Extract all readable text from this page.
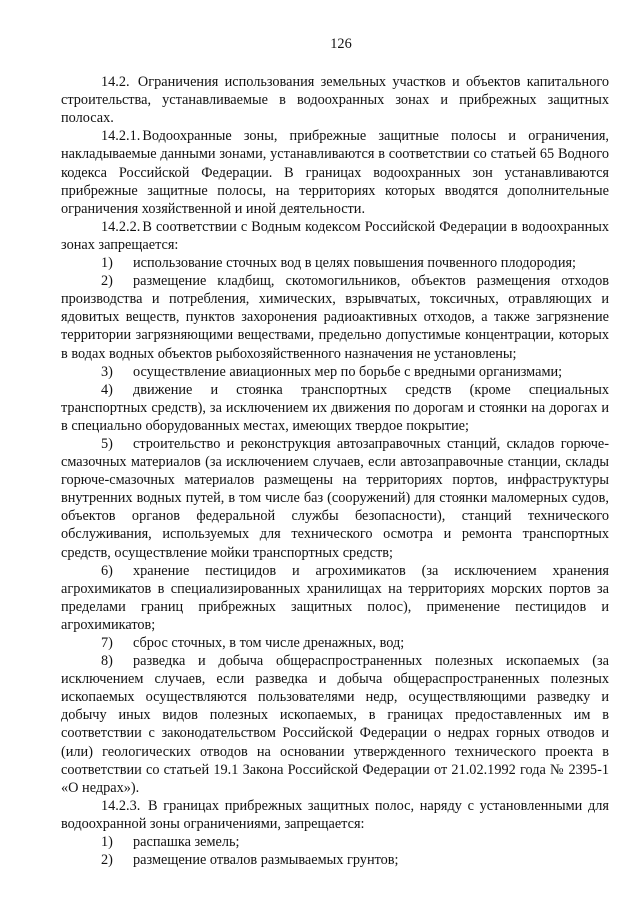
126

14.2. Ограничения использования земельных участков и объектов капитального строительства, устанавливаемые в водоохранных зонах и прибрежных защитных полосах.

14.2.1. Водоохранные зоны, прибрежные защитные полосы и ограничения, накладываемые данными зонами, устанавливаются в соответствии со статьей 65 Водного кодекса Российской Федерации. В границах водоохранных зон устанавливаются прибрежные защитные полосы, на территориях которых вводятся дополнительные ограничения хозяйственной и иной деятельности.

14.2.2. В соответствии с Водным кодексом Российской Федерации в водоохранных зонах запрещается:

1) использование сточных вод в целях повышения почвенного плодородия;
2) размещение кладбищ, скотомогильников, объектов размещения отходов производства и потребления, химических, взрывчатых, токсичных, отравляющих и ядовитых веществ, пунктов захоронения радиоактивных отходов, а также загрязнение территории загрязняющими веществами, предельно допустимые концентрации, которых в водах водных объектов рыбохозяйственного назначения не установлены;
3) осуществление авиационных мер по борьбе с вредными организмами;
4) движение и стоянка транспортных средств (кроме специальных транспортных средств), за исключением их движения по дорогам и стоянки на дорогах и в специально оборудованных местах, имеющих твердое покрытие;
5) строительство и реконструкция автозаправочных станций, складов горюче-смазочных материалов (за исключением случаев, если автозаправочные станции, склады горюче-смазочных материалов размещены на территориях портов, инфраструктуры внутренних водных путей, в том числе баз (сооружений) для стоянки маломерных судов, объектов органов федеральной службы безопасности), станций технического обслуживания, используемых для технического осмотра и ремонта транспортных средств, осуществление мойки транспортных средств;
6) хранение пестицидов и агрохимикатов (за исключением хранения агрохимикатов в специализированных хранилищах на территориях морских портов за пределами границ прибрежных защитных полос), применение пестицидов и агрохимикатов;
7) сброс сточных, в том числе дренажных, вод;
8) разведка и добыча общераспространенных полезных ископаемых (за исключением случаев, если разведка и добыча общераспространенных полезных ископаемых осуществляются пользователями недр, осуществляющими разведку и добычу иных видов полезных ископаемых, в границах предоставленных им в соответствии с законодательством Российской Федерации о недрах горных отводов и (или) геологических отводов на основании утвержденного технического проекта в соответствии со статьей 19.1 Закона Российской Федерации от 21.02.1992 года № 2395-1 «О недрах»).

14.2.3. В границах прибрежных защитных полос, наряду с установленными для водоохранной зоны ограничениями, запрещается:

1) распашка земель;
2) размещение отвалов размываемых грунтов;
